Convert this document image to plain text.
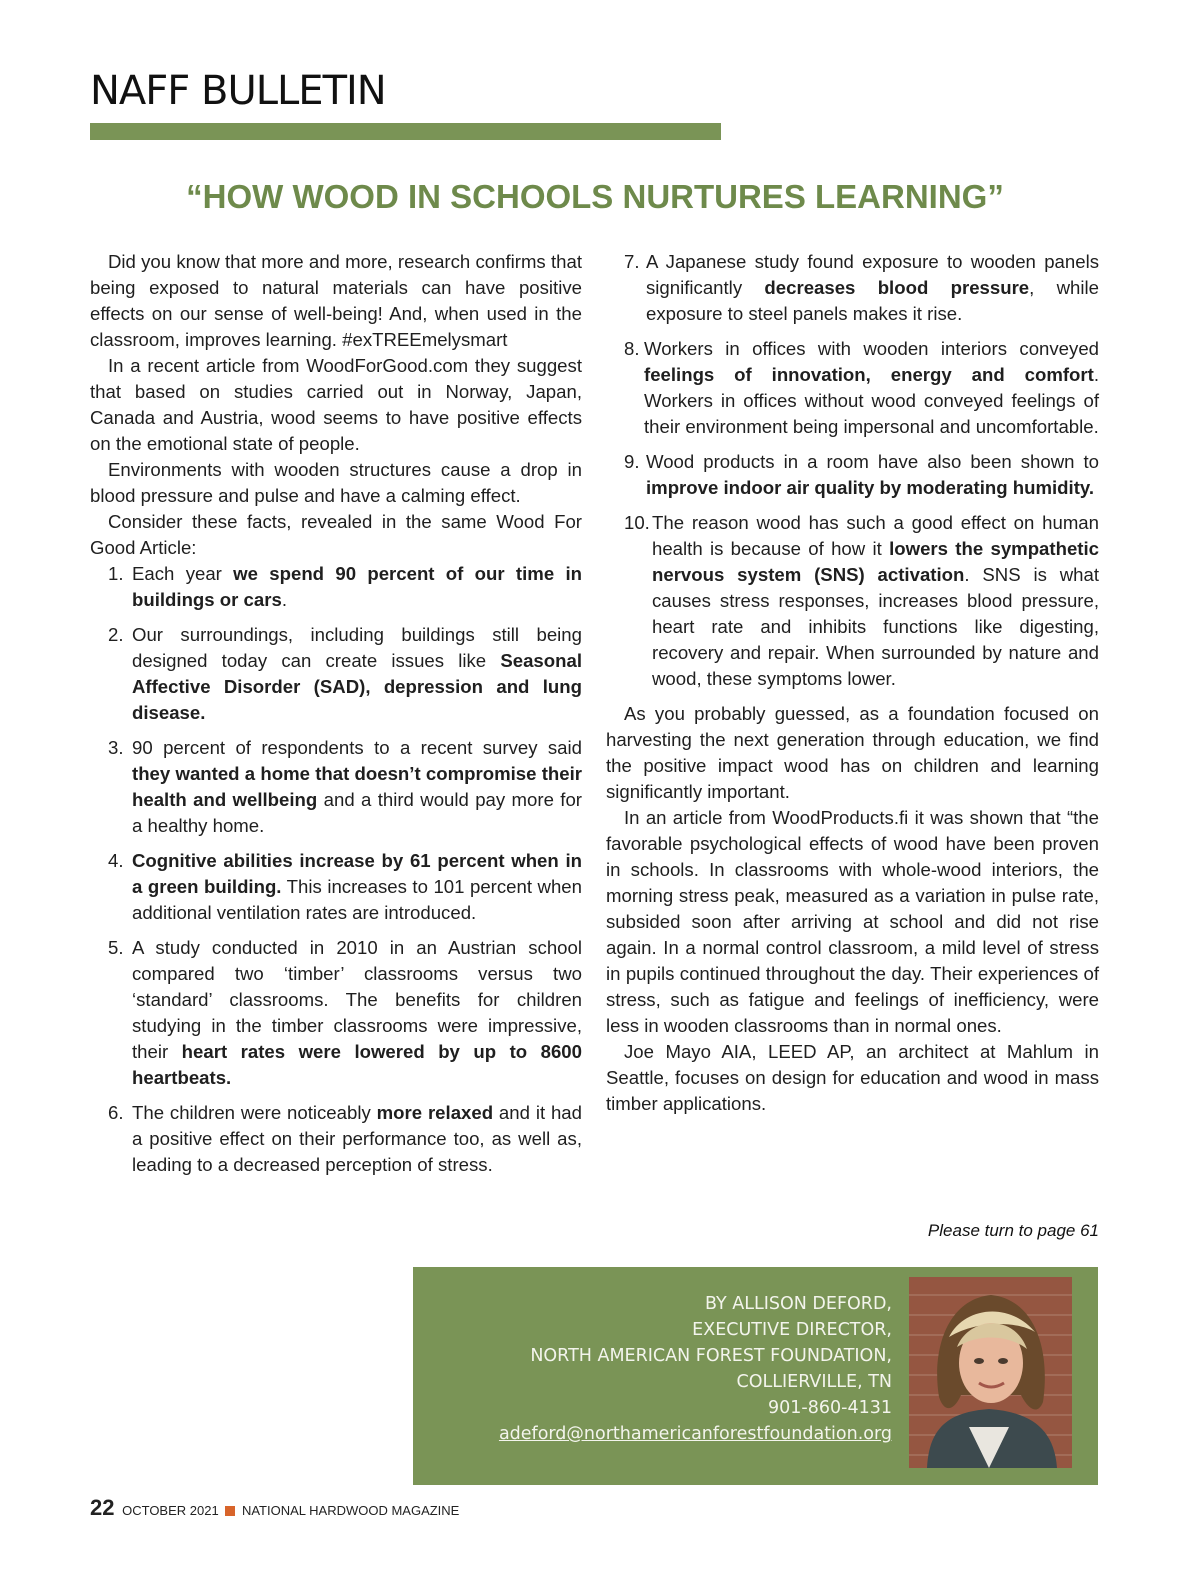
NAFF BULLETIN
“HOW WOOD IN SCHOOLS NURTURES LEARNING”

Did you know that more and more, research confirms that being exposed to natural materials can have positive effects on our sense of well-being! And, when used in the classroom, improves learning. #exTREEmelysmart

In a recent article from WoodForGood.com they suggest that based on studies carried out in Norway, Japan, Canada and Austria, wood seems to have positive effects on the emotional state of people.

Environments with wooden structures cause a drop in blood pressure and pulse and have a calming effect.

Consider these facts, revealed in the same Wood For Good Article:

1. Each year we spend 90 percent of our time in buildings or cars.
2. Our surroundings, including buildings still being designed today can create issues like Seasonal Affective Disorder (SAD), depression and lung disease.
3. 90 percent of respondents to a recent survey said they wanted a home that doesn’t compromise their health and wellbeing and a third would pay more for a healthy home.
4. Cognitive abilities increase by 61 percent when in a green building. This increases to 101 percent when additional ventilation rates are introduced.
5. A study conducted in 2010 in an Austrian school compared two ‘timber’ classrooms versus two ‘standard’ classrooms. The benefits for children studying in the timber classrooms were impressive, their heart rates were lowered by up to 8600 heartbeats.
6. The children were noticeably more relaxed and it had a positive effect on their performance too, as well as, leading to a decreased perception of stress.
7. A Japanese study found exposure to wooden panels significantly decreases blood pressure, while exposure to steel panels makes it rise.
8. Workers in offices with wooden interiors conveyed feelings of innovation, energy and comfort. Workers in offices without wood conveyed feelings of their environment being impersonal and uncomfortable.
9. Wood products in a room have also been shown to improve indoor air quality by moderating humidity.
10. The reason wood has such a good effect on human health is because of how it lowers the sympathetic nervous system (SNS) activation. SNS is what causes stress responses, increases blood pressure, heart rate and inhibits functions like digesting, recovery and repair. When surrounded by nature and wood, these symptoms lower.

As you probably guessed, as a foundation focused on harvesting the next generation through education, we find the positive impact wood has on children and learning significantly important.

In an article from WoodProducts.fi it was shown that “the favorable psychological effects of wood have been proven in schools. In classrooms with whole-wood interiors, the morning stress peak, measured as a variation in pulse rate, subsided soon after arriving at school and did not rise again. In a normal control classroom, a mild level of stress in pupils continued throughout the day. Their experiences of stress, such as fatigue and feelings of inefficiency, were less in wooden classrooms than in normal ones.

Joe Mayo AIA, LEED AP, an architect at Mahlum in Seattle, focuses on design for education and wood in mass timber applications.

Please turn to page 61
BY ALLISON DEFORD,
EXECUTIVE DIRECTOR,
NORTH AMERICAN FOREST FOUNDATION,
COLLIERVILLE, TN
901-860-4131
adeford@northamericanforestfoundation.org
22 OCTOBER 2021 NATIONAL HARDWOOD MAGAZINE
